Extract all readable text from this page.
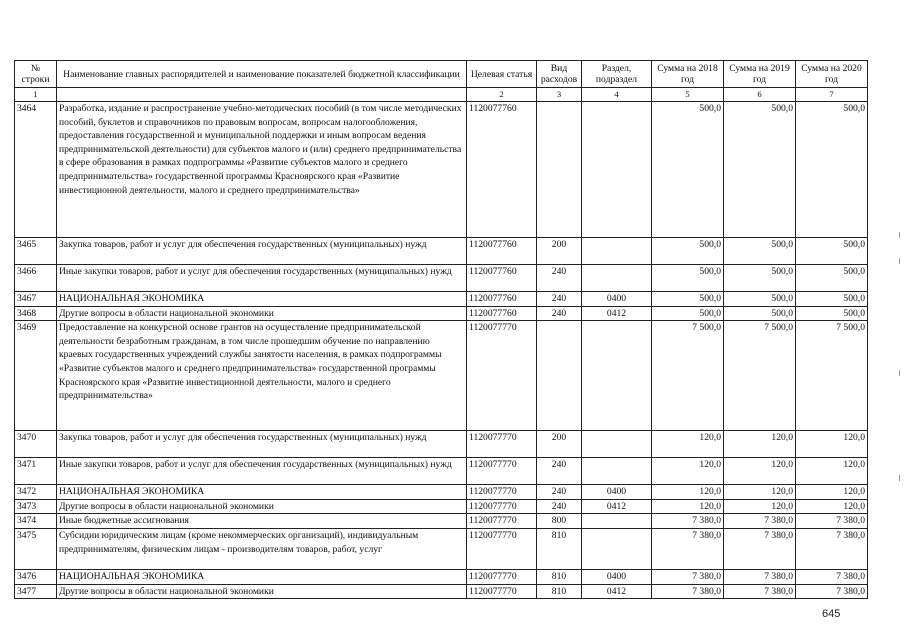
№ строки	Наименование главных распорядителей и наименование показателей бюджетной классификации	Целевая статья	Вид расходов	Раздел, подраздел	Сумма на 2018 год	Сумма на 2019 год	Сумма на 2020 год
1		2	3	4	5	6	7
3464	Разработка, издание и распространение учебно-методических пособий (в том числе методических пособий, буклетов и справочников по правовым вопросам, вопросам налогообложения, предоставления государственной и муниципальной поддержки и иным вопросам ведения предпринимательской деятельности) для субъектов малого и (или) среднего предпринимательства в сфере образования в рамках подпрограммы «Развитие субъектов малого и среднего предпринимательства» государственной программы Красноярского края «Развитие инвестиционной деятельности, малого и среднего предпринимательства»	1120077760			500,0	500,0	500,0
3465	Закупка товаров, работ и услуг для обеспечения государственных (муниципальных) нужд	1120077760	200		500,0	500,0	500,0
3466	Иные закупки товаров, работ и услуг для обеспечения государственных (муниципальных) нужд	1120077760	240		500,0	500,0	500,0
3467	НАЦИОНАЛЬНАЯ ЭКОНОМИКА	1120077760	240	0400	500,0	500,0	500,0
3468	Другие вопросы в области национальной экономики	1120077760	240	0412	500,0	500,0	500,0
3469	Предоставление на конкурсной основе грантов на осуществление предпринимательской деятельности безработным гражданам, в том числе прошедшим обучение по направлению краевых государственных учреждений службы занятости населения, в рамках подпрограммы «Развитие субъектов малого и среднего предпринимательства» государственной программы Красноярского края «Развитие инвестиционной деятельности, малого и среднего предпринимательства»	1120077770			7 500,0	7 500,0	7 500,0
3470	Закупка товаров, работ и услуг для обеспечения государственных (муниципальных) нужд	1120077770	200		120,0	120,0	120,0
3471	Иные закупки товаров, работ и услуг для обеспечения государственных (муниципальных) нужд	1120077770	240		120,0	120,0	120,0
3472	НАЦИОНАЛЬНАЯ ЭКОНОМИКА	1120077770	240	0400	120,0	120,0	120,0
3473	Другие вопросы в области национальной экономики	1120077770	240	0412	120,0	120,0	120,0
3474	Иные бюджетные ассигнования	1120077770	800		7 380,0	7 380,0	7 380,0
3475	Субсидии юридическим лицам (кроме некоммерческих организаций), индивидуальным предпринимателям, физическим лицам - производителям товаров, работ, услуг	1120077770	810		7 380,0	7 380,0	7 380,0
3476	НАЦИОНАЛЬНАЯ ЭКОНОМИКА	1120077770	810	0400	7 380,0	7 380,0	7 380,0
3477	Другие вопросы в области национальной экономики	1120077770	810	0412	7 380,0	7 380,0	7 380,0
645
